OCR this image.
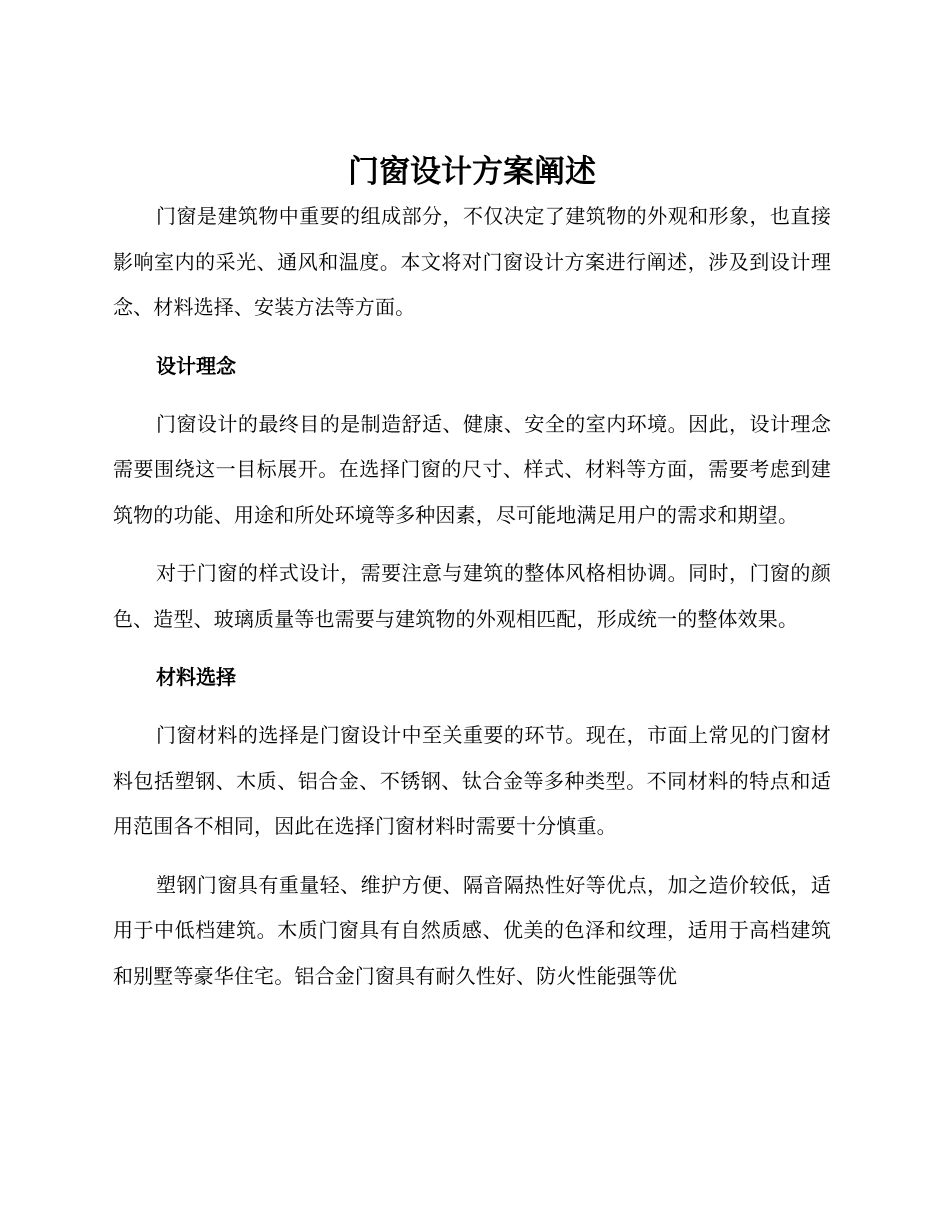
门窗设计方案阐述

门窗是建筑物中重要的组成部分，不仅决定了建筑物的外观和形象，也直接影响室内的采光、通风和温度。本文将对门窗设计方案进行阐述，涉及到设计理念、材料选择、安装方法等方面。

设计理念

门窗设计的最终目的是制造舒适、健康、安全的室内环境。因此，设计理念需要围绕这一目标展开。在选择门窗的尺寸、样式、材料等方面，需要考虑到建筑物的功能、用途和所处环境等多种因素，尽可能地满足用户的需求和期望。

对于门窗的样式设计，需要注意与建筑的整体风格相协调。同时，门窗的颜色、造型、玻璃质量等也需要与建筑物的外观相匹配，形成统一的整体效果。

材料选择

门窗材料的选择是门窗设计中至关重要的环节。现在，市面上常见的门窗材料包括塑钢、木质、铝合金、不锈钢、钛合金等多种类型。不同材料的特点和适用范围各不相同，因此在选择门窗材料时需要十分慎重。

塑钢门窗具有重量轻、维护方便、隔音隔热性好等优点，加之造价较低，适用于中低档建筑。木质门窗具有自然质感、优美的色泽和纹理，适用于高档建筑和别墅等豪华住宅。铝合金门窗具有耐久性好、防火性能强等优
